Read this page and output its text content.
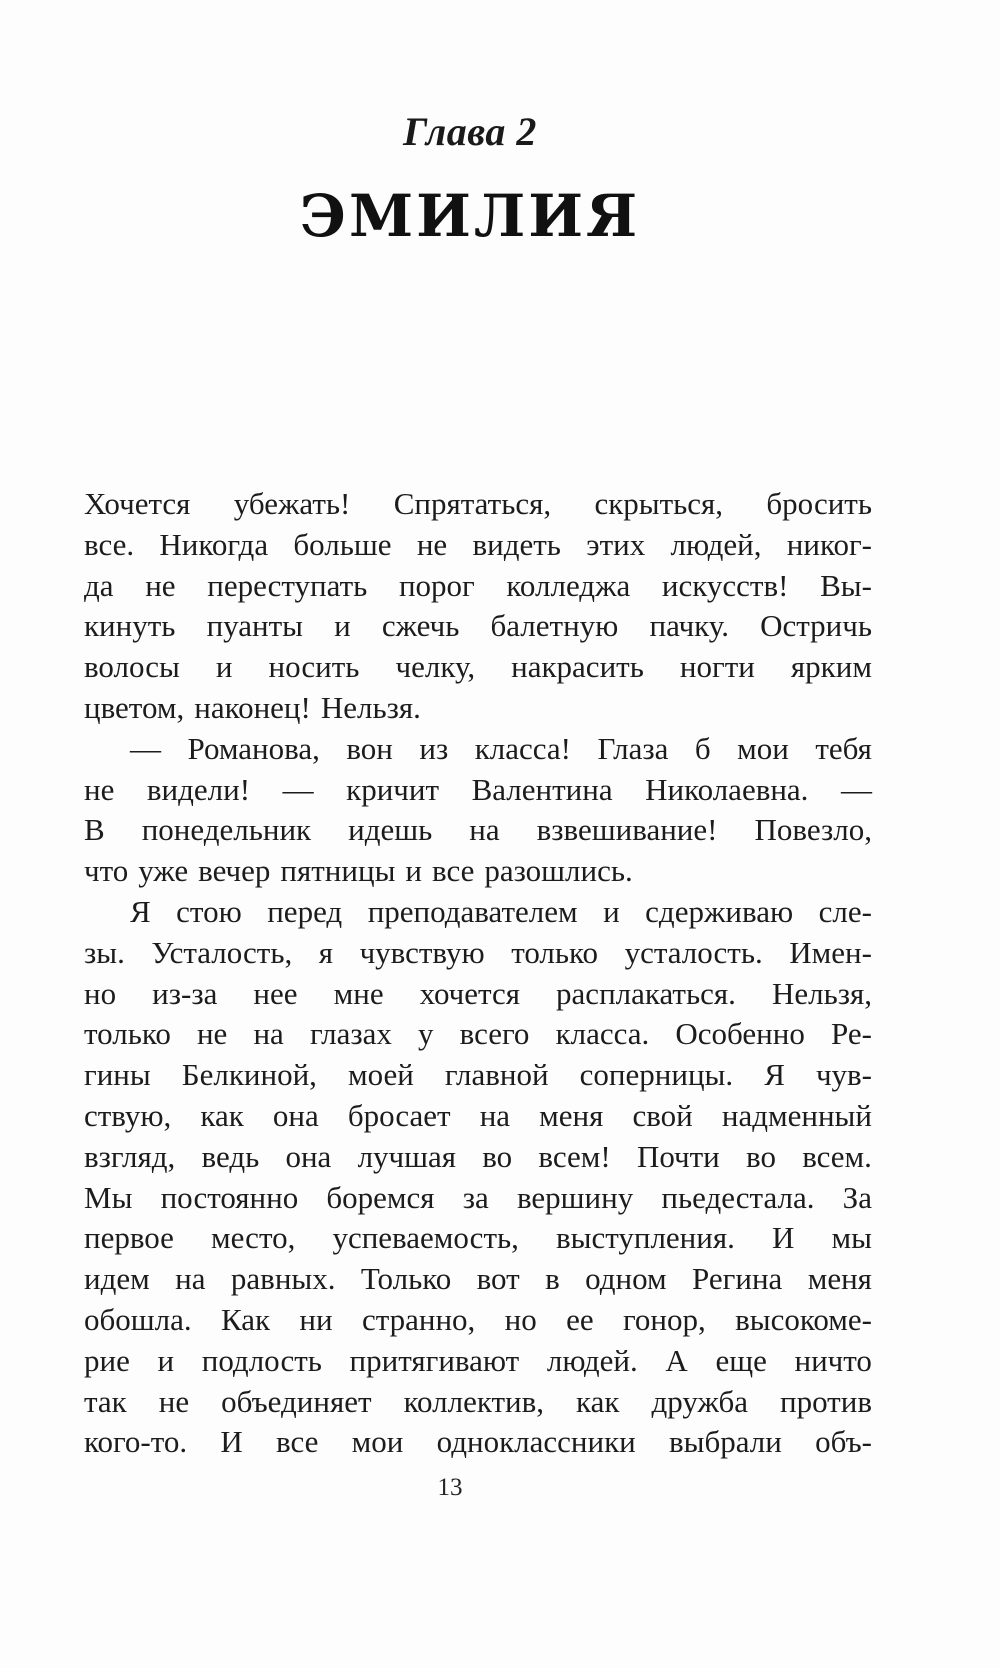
Глава 2
ЭМИЛИЯ
Хочется убежать! Спрятаться, скрыться, бросить
все. Никогда больше не видеть этих людей, никог-
да не переступать порог колледжа искусств! Вы-
кинуть пуанты и сжечь балетную пачку. Остричь
волосы и носить челку, накрасить ногти ярким
цветом, наконец! Нельзя.
— Романова, вон из класса! Глаза б мои тебя
не видели! — кричит Валентина Николаевна. —
В понедельник идешь на взвешивание! Повезло,
что уже вечер пятницы и все разошлись.
Я стою перед преподавателем и сдерживаю сле-
зы. Усталость, я чувствую только усталость. Имен-
но из-за нее мне хочется расплакаться. Нельзя,
только не на глазах у всего класса. Особенно Ре-
гины Белкиной, моей главной соперницы. Я чув-
ствую, как она бросает на меня свой надменный
взгляд, ведь она лучшая во всем! Почти во всем.
Мы постоянно боремся за вершину пьедестала. За
первое место, успеваемость, выступления. И мы
идем на равных. Только вот в одном Регина меня
обошла. Как ни странно, но ее гонор, высокоме-
рие и подлость притягивают людей. А еще ничто
так не объединяет коллектив, как дружба против
кого-то. И все мои одноклассники выбрали объ-
13
